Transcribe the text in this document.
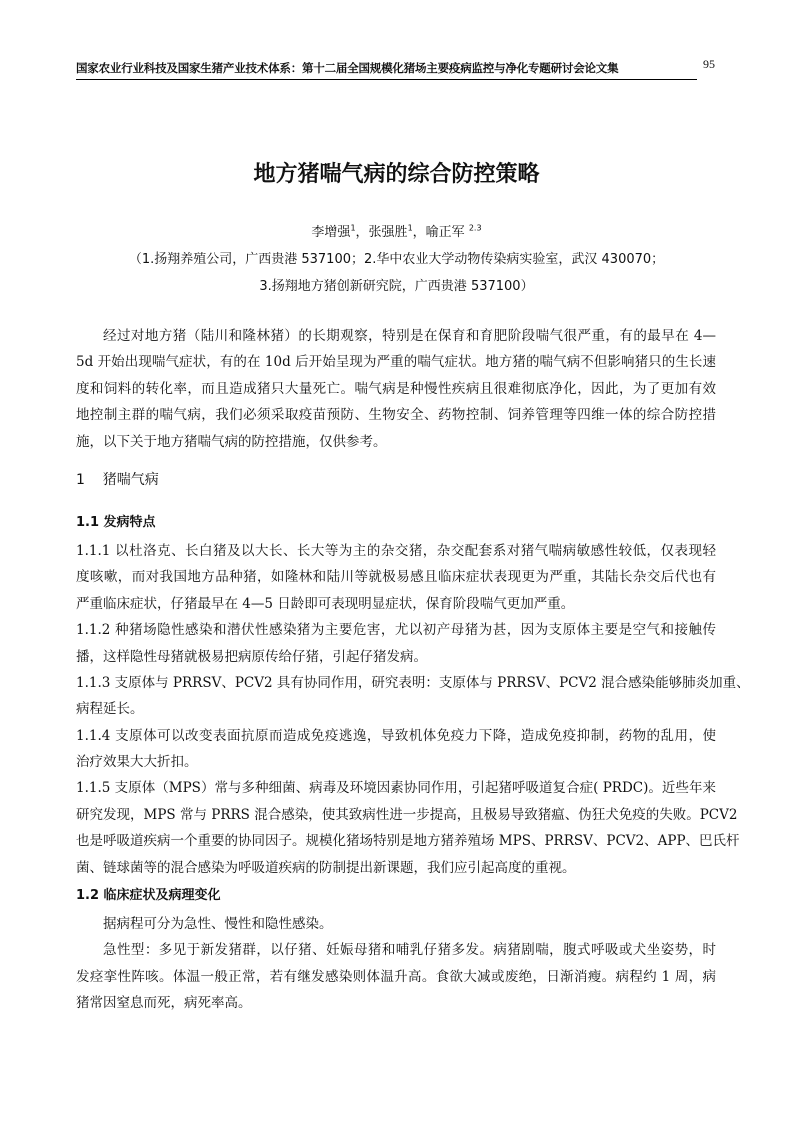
国家农业行业科技及国家生猪产业技术体系：第十二届全国规模化猪场主要疫病监控与净化专题研讨会论文集	95
地方猪喘气病的综合防控策略
李增强$^1$，张强胜$^1$，喻正军 $^{2.3}$
（1.扬翔养殖公司，广西贵港 537100；2.华中农业大学动物传染病实验室，武汉 430070；
3.扬翔地方猪创新研究院，广西贵港 537100）
经过对地方猪（陆川和隆林猪）的长期观察，特别是在保育和育肥阶段喘气很严重，有的最早在 4—
5d 开始出现喘气症状，有的在 10d 后开始呈现为严重的喘气症状。地方猪的喘气病不但影响猪只的生长速
度和饲料的转化率，而且造成猪只大量死亡。喘气病是种慢性疾病且很难彻底净化，因此，为了更加有效
地控制主群的喘气病，我们必须采取疫苗预防、生物安全、药物控制、饲养管理等四维一体的综合防控措
施，以下关于地方猪喘气病的防控措施，仅供参考。
1    猪喘气病
1.1 发病特点
1.1.1 以杜洛克、长白猪及以大长、长大等为主的杂交猪，杂交配套系对猪气喘病敏感性较低，仅表现轻
度咳嗽，而对我国地方品种猪，如隆林和陆川等就极易感且临床症状表现更为严重，其陆长杂交后代也有
严重临床症状，仔猪最早在 4—5 日龄即可表现明显症状，保育阶段喘气更加严重。
1.1.2 种猪场隐性感染和潜伏性感染猪为主要危害，尤以初产母猪为甚，因为支原体主要是空气和接触传
播，这样隐性母猪就极易把病原传给仔猪，引起仔猪发病。
1.1.3 支原体与 PRRSV、PCV2 具有协同作用，研究表明：支原体与 PRRSV、PCV2 混合感染能够肺炎加重、
病程延长。
1.1.4 支原体可以改变表面抗原而造成免疫逃逸，导致机体免疫力下降，造成免疫抑制，药物的乱用，使
治疗效果大大折扣。
1.1.5 支原体（MPS）常与多种细菌、病毒及环境因素协同作用，引起猪呼吸道复合症( PRDC)。近些年来
研究发现，MPS 常与 PRRS 混合感染，使其致病性进一步提高，且极易导致猪瘟、伪狂犬免疫的失败。PCV2
也是呼吸道疾病一个重要的协同因子。规模化猪场特别是地方猪养殖场 MPS、PRRSV、PCV2、APP、巴氏杆
菌、链球菌等的混合感染为呼吸道疾病的防制提出新课题，我们应引起高度的重视。
1.2 临床症状及病理变化
据病程可分为急性、慢性和隐性感染。
急性型：多见于新发猪群，以仔猪、妊娠母猪和哺乳仔猪多发。病猪剧喘，腹式呼吸或犬坐姿势，时
发痉挛性阵咳。体温一般正常，若有继发感染则体温升高。食欲大减或废绝，日渐消瘦。病程约 1 周，病
猪常因窒息而死，病死率高。
